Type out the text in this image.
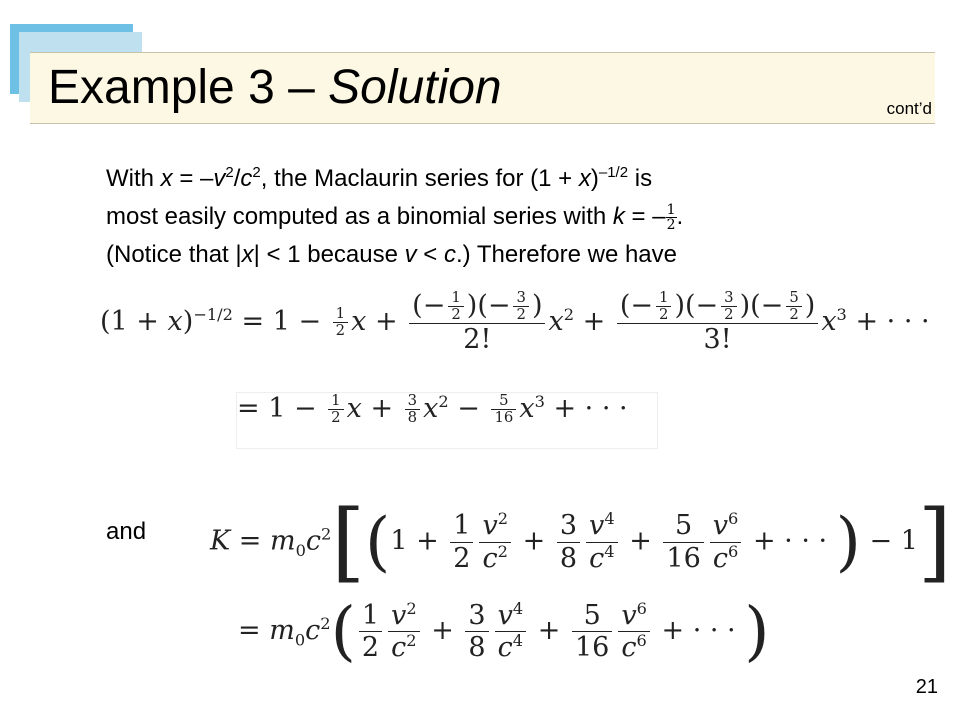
Example 3 – Solution	cont’d

With $x = -v^2/c^2$, the Maclaurin series for $(1 + x)^{-1/2}$ is

most easily computed as a binomial series with k = – $\frac{1}{2}$ .

(Notice that |x| < 1 because v < c.) Therefore we have

$(1 + x)^{-1/2} = 1 - \frac{1}{2}$ $x + \frac{(- \frac{1}{2} )(- \frac{3}{2} )}{2!} x^2 + \frac{(- \frac{1}{2} )(- \frac{3}{2} )(- \frac{5}{2} )}{3!} x^3$ + · · ·
= $1 - \frac{1}{2}$ $x + \frac{3}{8} x^2 - \frac{5}{16} x^3$ + · · ·
and $K = m_0c^2[(1 + \frac{1}{2} \frac{v^2}{c^2} + \frac{3}{8} \frac{v^4}{c^4} + \frac{5}{16} \frac{v^6}{c^6}$ + · · · ) − 1]
= $m_0c^2( \frac{1}{2} \frac{v^2}{c^2} + \frac{3}{8} \frac{v^4}{c^4} + \frac{5}{16} \frac{v^6}{c^6}$ + · · · )
21
